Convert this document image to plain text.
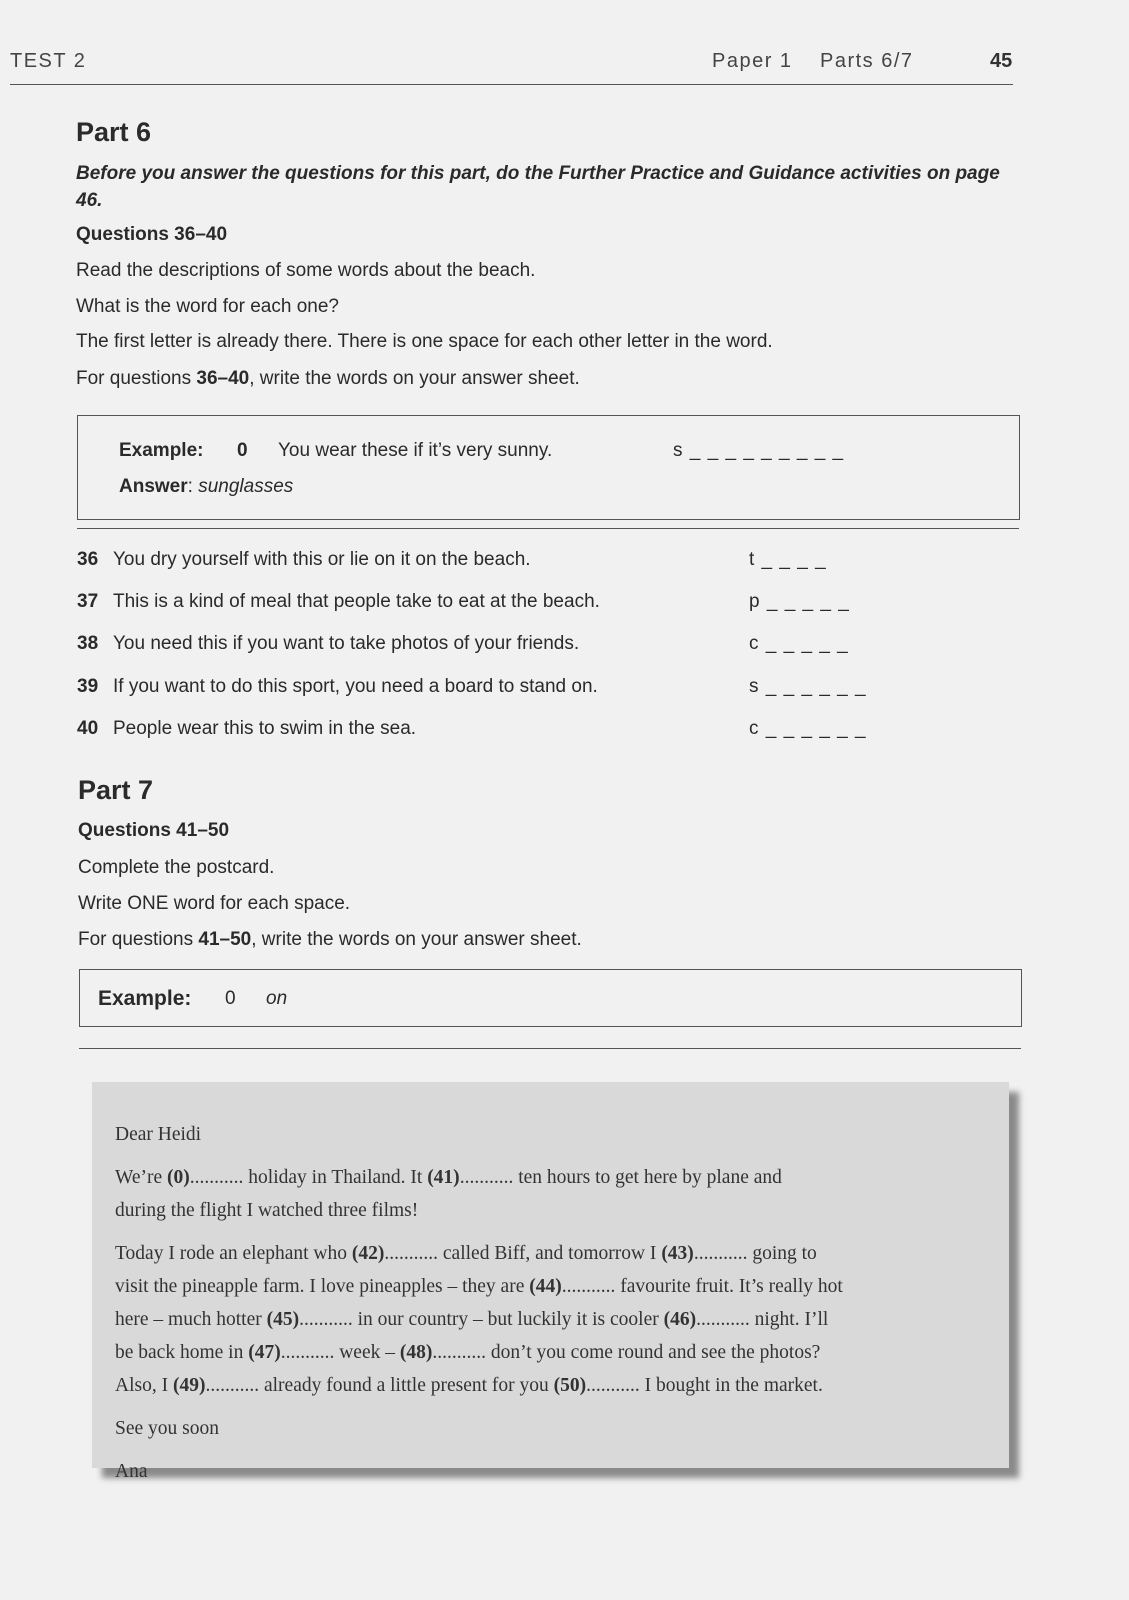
TEST 2	Paper 1 Parts 6/7	45
Part 6
Before you answer the questions for this part, do the Further Practice and Guidance activities on page 46.
Questions 36–40
Read the descriptions of some words about the beach.
What is the word for each one?
The first letter is already there. There is one space for each other letter in the word.
For questions 36–40, write the words on your answer sheet.
Example: 0 You wear these if it’s very sunny.	s _ _ _ _ _ _ _ _ _
Answer: sunglasses
36 You dry yourself with this or lie on it on the beach.	t _ _ _ _
37 This is a kind of meal that people take to eat at the beach.	p _ _ _ _ _
38 You need this if you want to take photos of your friends.	c _ _ _ _ _
39 If you want to do this sport, you need a board to stand on.	s _ _ _ _ _ _
40 People wear this to swim in the sea.	c _ _ _ _ _ _
Part 7
Questions 41–50
Complete the postcard.
Write ONE word for each space.
For questions 41–50, write the words on your answer sheet.
Example: 0 on

Dear Heidi

We’re (0)........... holiday in Thailand. It (41)........... ten hours to get here by plane and
during the flight I watched three films!
Today I rode an elephant who (42)........... called Biff, and tomorrow I (43)........... going to
visit the pineapple farm. I love pineapples – they are (44)........... favourite fruit. It’s really hot
here – much hotter (45)........... in our country – but luckily it is cooler (46)........... night. I’ll
be back home in (47)........... week – (48)........... don’t you come round and see the photos?
Also, I (49)........... already found a little present for you (50)........... I bought in the market.

See you soon

Ana
